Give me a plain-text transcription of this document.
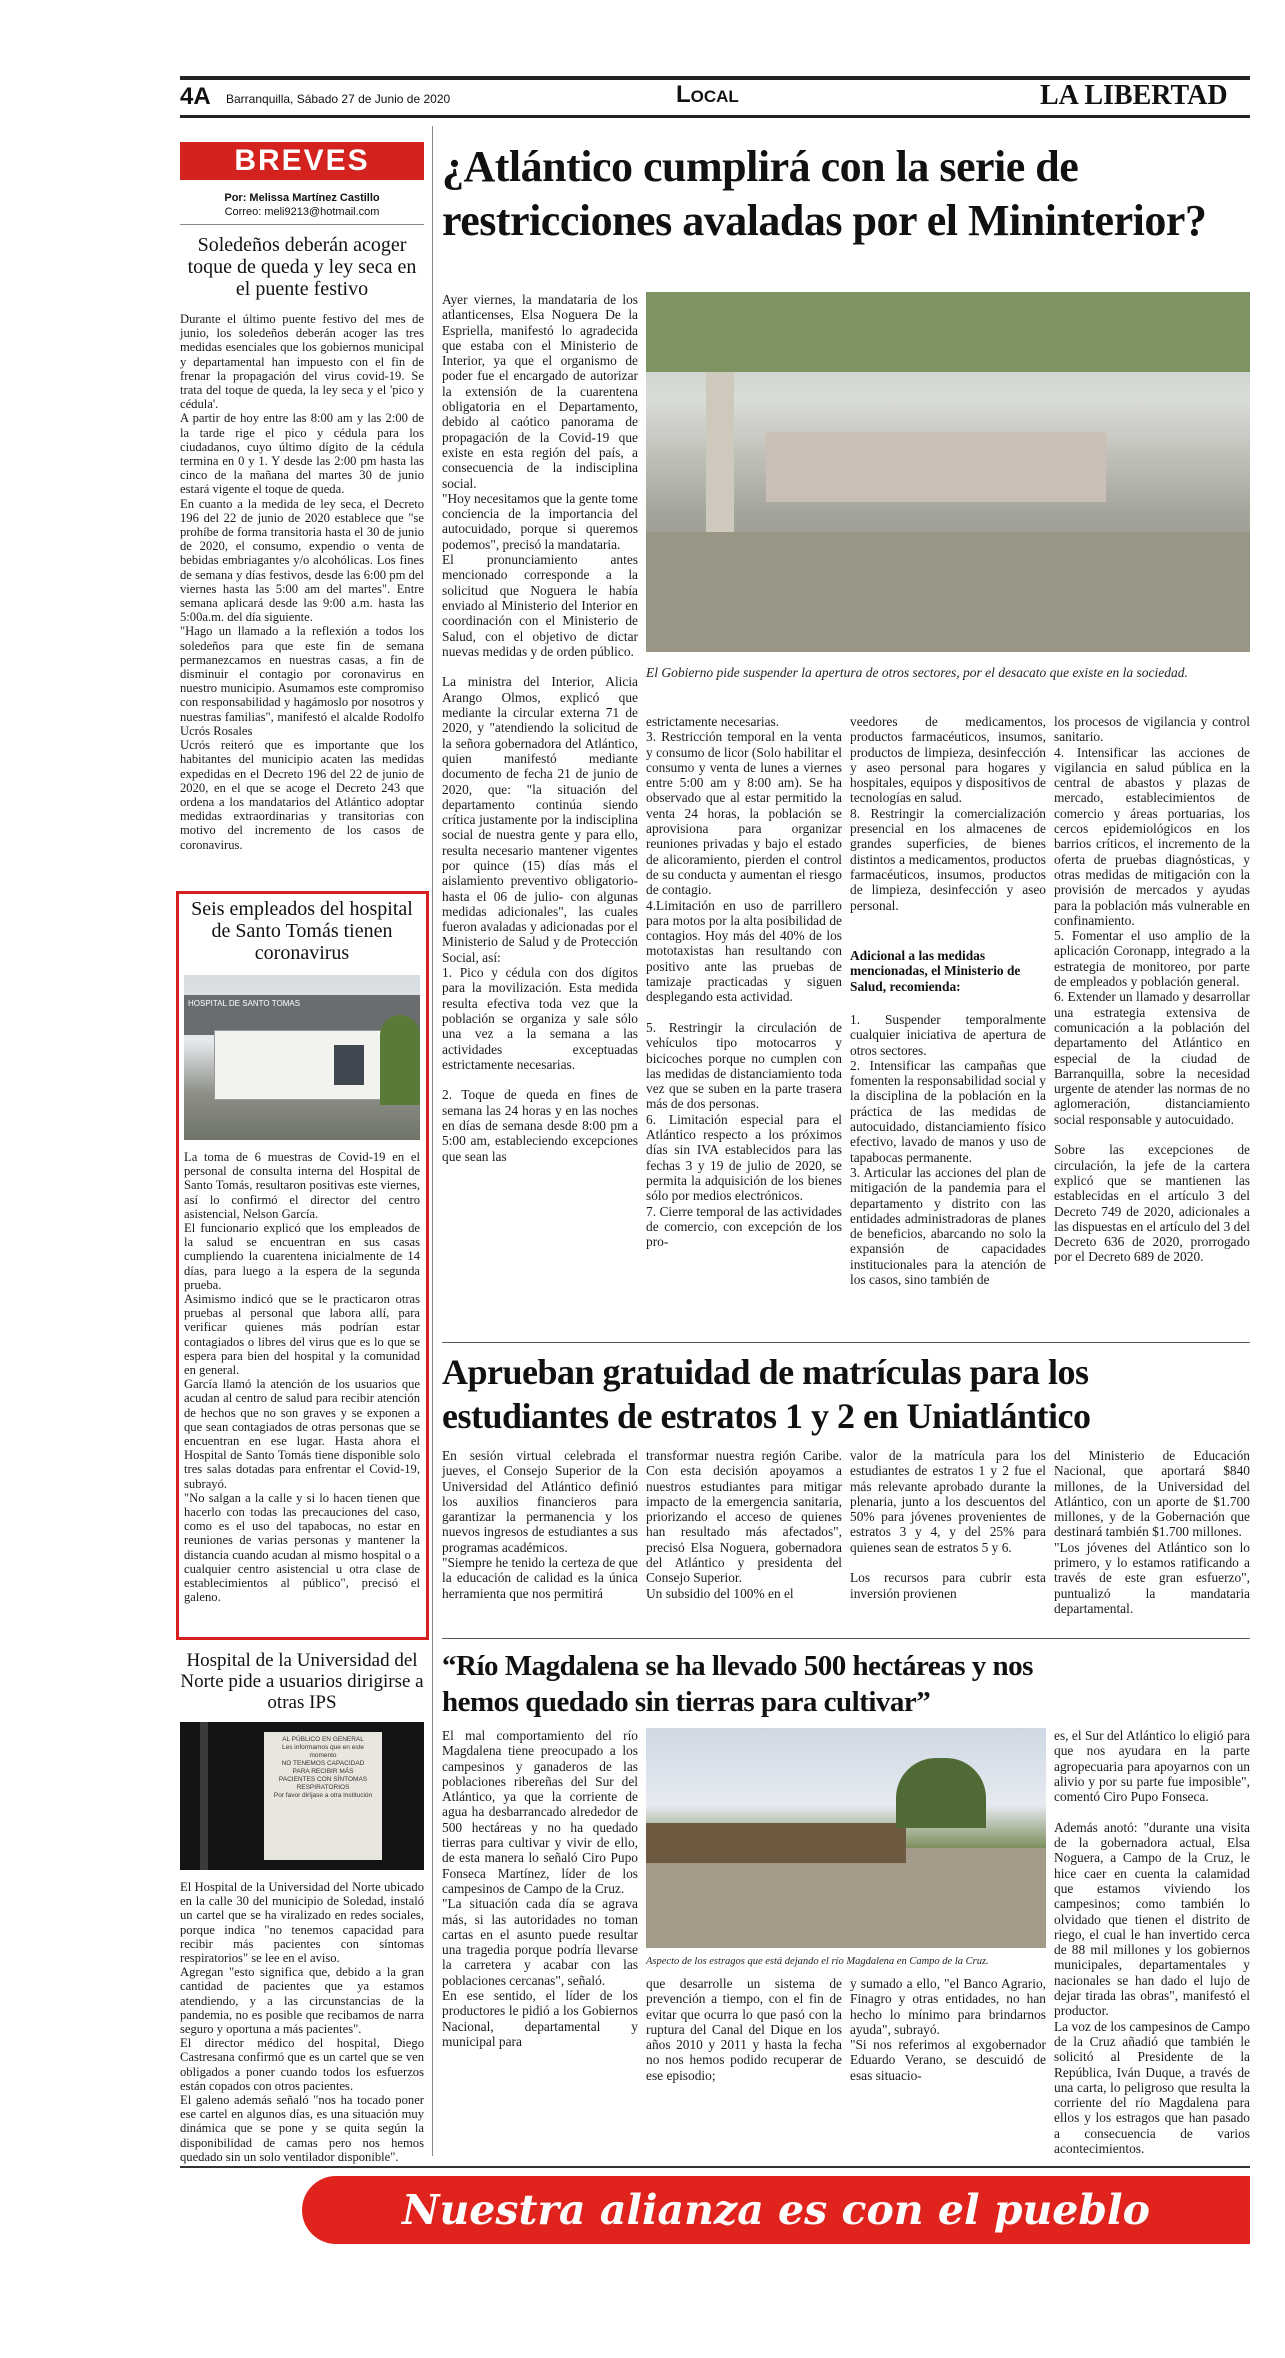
4A Barranquilla, Sábado 27 de Junio de 2020	Local	LA LIBERTAD
BREVES
Por: Melissa Martínez Castillo
Correo: meli9213@hotmail.com
Soledeños deberán acoger toque de queda y ley seca en el puente festivo
Durante el último puente festivo del mes de junio, los soledeños deberán acoger las tres medidas esenciales que los gobiernos municipal y departamental han impuesto con el fin de frenar la propagación del virus covid-19. Se trata del toque de queda, la ley seca y el 'pico y cédula'.
A partir de hoy entre las 8:00 am y las 2:00 de la tarde rige el pico y cédula para los ciudadanos, cuyo último dígito de la cédula termina en 0 y 1. Y desde las 2:00 pm hasta las cinco de la mañana del martes 30 de junio estará vigente el toque de queda.
En cuanto a la medida de ley seca, el Decreto 196 del 22 de junio de 2020 establece que "se prohíbe de forma transitoria hasta el 30 de junio de 2020, el consumo, expendio o venta de bebidas embriagantes y/o alcohólicas. Los fines de semana y días festivos, desde las 6:00 pm del viernes hasta las 5:00 am del martes". Entre semana aplicará desde las 9:00 a.m. hasta las 5:00a.m. del día siguiente.
"Hago un llamado a la reflexión a todos los soledeños para que este fin de semana permanezcamos en nuestras casas, a fin de disminuir el contagio por coronavirus en nuestro municipio. Asumamos este compromiso con responsabilidad y hagámoslo por nosotros y nuestras familias", manifestó el alcalde Rodolfo Ucrós Rosales
Ucrós reiteró que es importante que los habitantes del municipio acaten las medidas expedidas en el Decreto 196 del 22 de junio de 2020, en el que se acoge el Decreto 243 que ordena a los mandatarios del Atlántico adoptar medidas extraordinarias y transitorias con motivo del incremento de los casos de coronavirus.
Seis empleados del hospital de Santo Tomás tienen coronavirus
HOSPITAL DE SANTO TOMAS
La toma de 6 muestras de Covid-19 en el personal de consulta interna del Hospital de Santo Tomás, resultaron positivas este viernes, así lo confirmó el director del centro asistencial, Nelson García.
El funcionario explicó que los empleados de la salud se encuentran en sus casas cumpliendo la cuarentena inicialmente de 14 días, para luego a la espera de la segunda prueba.
Asimismo indicó que se le practicaron otras pruebas al personal que labora allí, para verificar quienes más podrían estar contagiados o libres del virus que es lo que se espera para bien del hospital y la comunidad en general.
García llamó la atención de los usuarios que acudan al centro de salud para recibir atención de hechos que no son graves y se exponen a que sean contagiados de otras personas que se encuentran en ese lugar. Hasta ahora el Hospital de Santo Tomás tiene disponible solo tres salas dotadas para enfrentar el Covid-19, subrayó.
"No salgan a la calle y si lo hacen tienen que hacerlo con todas las precauciones del caso, como es el uso del tapabocas, no estar en reuniones de varias personas y mantener la distancia cuando acudan al mismo hospital o a cualquier centro asistencial u otra clase de establecimientos al público", precisó el galeno.
Hospital de la Universidad del Norte pide a usuarios dirigirse a otras IPS
AL PÚBLICO EN GENERAL
Les informamos que en este momento
NO TENEMOS CAPACIDAD
PARA RECIBIR MÁS
PACIENTES CON SÍNTOMAS
RESPIRATORIOS
Por favor diríjase a otra institución
El Hospital de la Universidad del Norte ubicado en la calle 30 del municipio de Soledad, instaló un cartel que se ha viralizado en redes sociales, porque indica "no tenemos capacidad para recibir más pacientes con síntomas respiratorios" se lee en el aviso.
Agregan "esto significa que, debido a la gran cantidad de pacientes que ya estamos atendiendo, y a las circunstancias de la pandemia, no es posible que recibamos de narra seguro y oportuna a más pacientes".
El director médico del hospital, Diego Castresana confirmó que es un cartel que se ven obligados a poner cuando todos los esfuerzos están copados con otros pacientes.
El galeno además señaló "nos ha tocado poner ese cartel en algunos días, es una situación muy dinámica que se pone y se quita según la disponibilidad de camas pero nos hemos quedado sin un solo ventilador disponible".
¿Atlántico cumplirá con la serie de restricciones avaladas por el Mininterior?
Ayer viernes, la mandataria de los atlanticenses, Elsa Noguera De la Espriella, manifestó lo agradecida que estaba con el Ministerio de Interior, ya que el organismo de poder fue el encargado de autorizar la extensión de la cuarentena obligatoria en el Departamento, debido al caótico panorama de propagación de la Covid-19 que existe en esta región del país, a consecuencia de la indisciplina social.
"Hoy necesitamos que la gente tome conciencia de la importancia del autocuidado, porque si queremos podemos", precisó la mandataria.
El pronunciamiento antes mencionado corresponde a la solicitud que Noguera le había enviado al Ministerio del Interior en coordinación con el Ministerio de Salud, con el objetivo de dictar nuevas medidas y de orden público.

La ministra del Interior, Alicia Arango Olmos, explicó que mediante la circular externa 71 de 2020, y "atendiendo la solicitud de la señora gobernadora del Atlántico, quien manifestó mediante documento de fecha 21 de junio de 2020, que: "la situación del departamento continúa siendo crítica justamente por la indisciplina social de nuestra gente y para ello, resulta necesario mantener vigentes por quince (15) días más el aislamiento preventivo obligatorio- hasta el 06 de julio- con algunas medidas adicionales", las cuales fueron avaladas y adicionadas por el Ministerio de Salud y de Protección Social, así:
1. Pico y cédula con dos dígitos para la movilización. Esta medida resulta efectiva toda vez que la población se organiza y sale sólo una vez a la semana a las actividades exceptuadas estrictamente necesarias.

2. Toque de queda en fines de semana las 24 horas y en las noches en días de semana desde 8:00 pm a 5:00 am, estableciendo excepciones que sean las
El Gobierno pide suspender la apertura de otros sectores, por el desacato que existe en la sociedad.
estrictamente necesarias.
3. Restricción temporal en la venta y consumo de licor (Solo habilitar el consumo y venta de lunes a viernes entre 5:00 am y 8:00 am). Se ha observado que al estar permitido la venta 24 horas, la población se aprovisiona para organizar reuniones privadas y bajo el estado de alicoramiento, pierden el control de su conducta y aumentan el riesgo de contagio.
4.Limitación en uso de parrillero para motos por la alta posibilidad de contagios. Hoy más del 40% de los mototaxistas han resultando con positivo ante las pruebas de tamizaje practicadas y siguen desplegando esta actividad.

5. Restringir la circulación de vehículos tipo motocarros y bicicoches porque no cumplen con las medidas de distanciamiento toda vez que se suben en la parte trasera más de dos personas.
6. Limitación especial para el Atlántico respecto a los próximos días sin IVA establecidos para las fechas 3 y 19 de julio de 2020, se permita la adquisición de los bienes sólo por medios electrónicos.
7. Cierre temporal de las actividades de comercio, con excepción de los pro-
veedores de medicamentos, productos farmacéuticos, insumos, productos de limpieza, desinfección y aseo personal para hogares y hospitales, equipos y dispositivos de tecnologías en salud.
8. Restringir la comercialización presencial en los almacenes de grandes superficies, de bienes distintos a medicamentos, productos farmacéuticos, insumos, productos de limpieza, desinfección y aseo personal.
Adicional a las medidas mencionadas, el Ministerio de Salud, recomienda:
1. Suspender temporalmente cualquier iniciativa de apertura de otros sectores.
2. Intensificar las campañas que fomenten la responsabilidad social y la disciplina de la población en la práctica de las medidas de autocuidado, distanciamiento físico efectivo, lavado de manos y uso de tapabocas permanente.
3. Articular las acciones del plan de mitigación de la pandemia para el departamento y distrito con las entidades administradoras de planes de beneficios, abarcando no solo la expansión de capacidades institucionales para la atención de los casos, sino también de
los procesos de vigilancia y control sanitario.
4. Intensificar las acciones de vigilancia en salud pública en la central de abastos y plazas de mercado, establecimientos de comercio y áreas portuarias, los cercos epidemiológicos en los barrios críticos, el incremento de la oferta de pruebas diagnósticas, y otras medidas de mitigación con la provisión de mercados y ayudas para la población más vulnerable en confinamiento.
5. Fomentar el uso amplio de la aplicación Coronapp, integrado a la estrategia de monitoreo, por parte de empleados y población general.
6. Extender un llamado y desarrollar una estrategia extensiva de comunicación a la población del departamento del Atlántico en especial de la ciudad de Barranquilla, sobre la necesidad urgente de atender las normas de no aglomeración, distanciamiento social responsable y autocuidado.

Sobre las excepciones de circulación, la jefe de la cartera explicó que se mantienen las establecidas en el artículo 3 del Decreto 749 de 2020, adicionales a las dispuestas en el artículo del 3 del Decreto 636 de 2020, prorrogado por el Decreto 689 de 2020.
Aprueban gratuidad de matrículas para los estudiantes de estratos 1 y 2 en Uniatlántico
En sesión virtual celebrada el jueves, el Consejo Superior de la Universidad del Atlántico definió los auxilios financieros para garantizar la permanencia y los nuevos ingresos de estudiantes a sus programas académicos.
"Siempre he tenido la certeza de que la educación de calidad es la única herramienta que nos permitirá
transformar nuestra región Caribe. Con esta decisión apoyamos a nuestros estudiantes para mitigar impacto de la emergencia sanitaria, priorizando el acceso de quienes han resultado más afectados", precisó Elsa Noguera, gobernadora del Atlántico y presidenta del Consejo Superior.
Un subsidio del 100% en el
valor de la matrícula para los estudiantes de estratos 1 y 2 fue el más relevante aprobado durante la plenaria, junto a los descuentos del 50% para jóvenes provenientes de estratos 3 y 4, y del 25% para quienes sean de estratos 5 y 6.

Los recursos para cubrir esta inversión provienen
del Ministerio de Educación Nacional, que aportará $840 millones, de la Universidad del Atlántico, con un aporte de $1.700 millones, y de la Gobernación que destinará también $1.700 millones.
"Los jóvenes del Atlántico son lo primero, y lo estamos ratificando a través de este gran esfuerzo", puntualizó la mandataria departamental.
“Río Magdalena se ha llevado 500 hectáreas y nos hemos quedado sin tierras para cultivar”
El mal comportamiento del río Magdalena tiene preocupado a los campesinos y ganaderos de las poblaciones ribereñas del Sur del Atlántico, ya que la corriente de agua ha desbarrancado alrededor de 500 hectáreas y no ha quedado tierras para cultivar y vivir de ello, de esta manera lo señaló Ciro Pupo Fonseca Martínez, líder de los campesinos de Campo de la Cruz.
"La situación cada día se agrava más, si las autoridades no toman cartas en el asunto puede resultar una tragedia porque podría llevarse la carretera y acabar con las poblaciones cercanas", señaló.
En ese sentido, el líder de los productores le pidió a los Gobiernos Nacional, departamental y municipal para
Aspecto de los estragos que está dejando el río Magdalena en Campo de la Cruz.
que desarrolle un sistema de prevención a tiempo, con el fin de evitar que ocurra lo que pasó con la ruptura del Canal del Dique en los años 2010 y 2011 y hasta la fecha no nos hemos podido recuperar de ese episodio;
y sumado a ello, "el Banco Agrario, Finagro y otras entidades, no han hecho lo mínimo para brindarnos ayuda", subrayó.
"Si nos referimos al exgobernador Eduardo Verano, se descuidó de esas situacio-
es, el Sur del Atlántico lo eligió para que nos ayudara en la parte agropecuaria para apoyarnos con un alivio y por su parte fue imposible", comentó Ciro Pupo Fonseca.

Además anotó: "durante una visita de la gobernadora actual, Elsa Noguera, a Campo de la Cruz, le hice caer en cuenta la calamidad que estamos viviendo los campesinos; como también lo olvidado que tienen el distrito de riego, el cual le han invertido cerca de 88 mil millones y los gobiernos municipales, departamentales y nacionales se han dado el lujo de dejar tirada las obras", manifestó el productor.
La voz de los campesinos de Campo de la Cruz añadió que también le solicitó al Presidente de la República, Iván Duque, a través de una carta, lo peligroso que resulta la corriente del río Magdalena para ellos y los estragos que han pasado a consecuencia de varios acontecimientos.
Nuestra alianza es con el pueblo
